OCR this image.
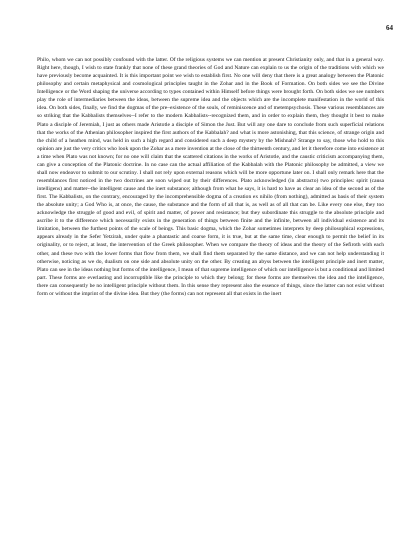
64

Philo, whom we can not possibly confound with the latter. Of the religious systems we can mention at present Christianity only, and that in a general way. Right here, though, I wish to state frankly that none of these grand theories of God and Nature can explain to us the origin of the traditions with which we have previously become acquainted. It is this important point we wish to establish first. No one will deny that there is a great analogy between the Platonic philosophy and certain metaphysical and cosmological principles taught in the Zohar and in the Book of Formation. On both sides we see the Divine Intelligence or the Word shaping the universe according to types contained within Himself before things were brought forth. On both sides we see numbers play the role of intermediaries between the ideas, between the supreme idea and the objects which are the incomplete manifestation in the world of this idea. On both sides, finally, we find the dogmas of the pre–existence of the souls, of reminiscence and of metempsychosis. These various resemblances are so striking that the Kabbalists themselves--I refer to the modern Kabbalists--recognized them, and in order to explain them, they thought it best to make Plato a disciple of Jeremiah, I just as others made Aristotle a disciple of Simon the Just. But will any one dare to conclude from such superficial relations that the works of the Athenian philosopher inspired the first authors of the Kabbalah? and what is more astonishing, that this science, of strange origin and the child of a heathen mind, was held in such a high regard and considered such a deep mystery by the Mishnah? Strange to say, those who hold to this opinion are just the very critics who look upon the Zohar as a mere invention at the close of the thirteenth century, and let it therefore come into existence at a time when Plato was not known; for no one will claim that the scattered citations in the works of Aristotle, and the caustic criticism accompanying them, can give a conception of the Platonic doctrine. In no case can the actual affiliation of the Kabbalah with the Platonic philosophy be admitted, a view we shall now endeavor to submit to our scrutiny. I shall not rely upon external reasons which will be more opportune later on. I shall only remark here that the resemblances first noticed in the two doctrines are soon wiped out by their differences. Plato acknowledged (in abstracto) two principles: spirit (causa intelligens) and matter--the intelligent cause and the inert substance; although from what he says, it is hard to have as clear an idea of the second as of the first. The Kabbalists, on the contrary, encouraged by the incomprehensible dogma of a creation ex nihilo (from nothing), admitted as basis of their system the absolute unity; a God Who is, at once, the cause, the substance and the form of all that is, as well as of all that can be. Like every one else, they too acknowledge the struggle of good and evil, of spirit and matter, of power and resistance; but they subordinate this struggle to the absolute principle and ascribe it to the difference which necessarily exists in the generation of things between finite and the infinite, between all individual existence and its limitation, between the furthest points of the scale of beings. This basic dogma, which the Zohar sometimes interprets by deep philosophical expressions, appears already in the Sefer Yetzirah, under quite a phantastic and coarse form, it is true, but at the same time, clear enough to permit the belief in its originality, or to reject, at least, the intervention of the Greek philosopher. When we compare the theory of ideas and the theory of the Sefiroth with each other, and these two with the lower forms that flow from them, we shall find them separated by the same distance, and we can not help understanding it otherwise, noticing as we do, dualism on one side and absolute unity on the other. By creating an abyss between the intelligent principle and inert matter, Plato can see in the ideas nothing but forms of the intelligence, I mean of that supreme intelligence of which our intelligence is but a conditional and limited part. These forms are everlasting and incorruptible like the principle to which they belong; for these forms are themselves the idea and the intelligence, there can consequently be no intelligent principle without them. In this sense they represent also the essence of things, since the latter can not exist without form or without the imprint of the divine idea. But they (the forms) can not represent all that exists in the inert
